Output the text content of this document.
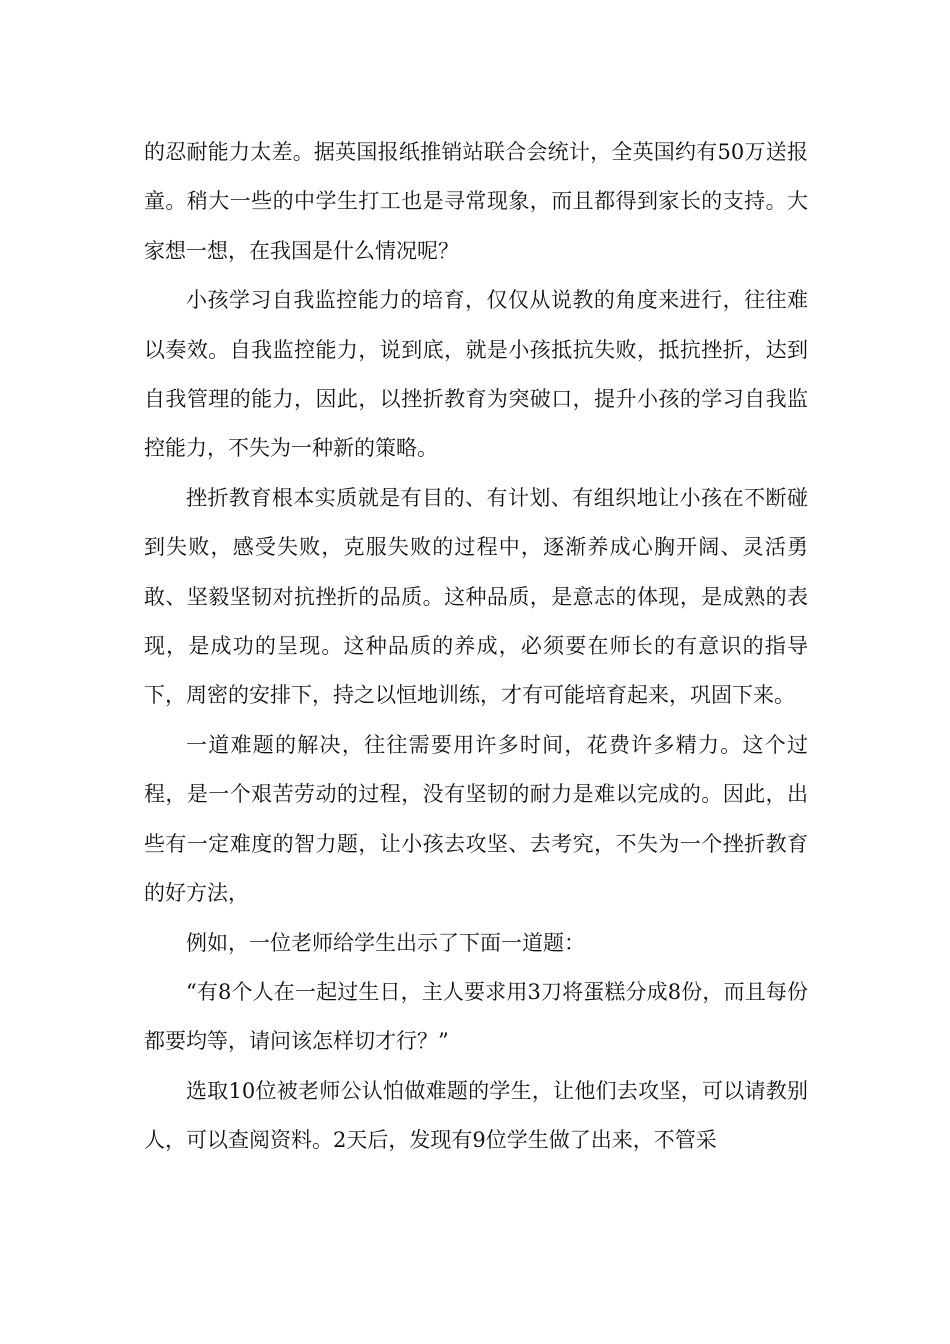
的忍耐能力太差。据英国报纸推销站联合会统计，全英国约有50万送报童。稍大一些的中学生打工也是寻常现象，而且都得到家长的支持。大家想一想，在我国是什么情况呢？

小孩学习自我监控能力的培育，仅仅从说教的角度来进行，往往难以奏效。自我监控能力，说到底，就是小孩抵抗失败，抵抗挫折，达到自我管理的能力，因此，以挫折教育为突破口，提升小孩的学习自我监控能力，不失为一种新的策略。

挫折教育根本实质就是有目的、有计划、有组织地让小孩在不断碰到失败，感受失败，克服失败的过程中，逐渐养成心胸开阔、灵活勇敢、坚毅坚韧对抗挫折的品质。这种品质，是意志的体现，是成熟的表现，是成功的呈现。这种品质的养成，必须要在师长的有意识的指导下，周密的安排下，持之以恒地训练，才有可能培育起来，巩固下来。

一道难题的解决，往往需要用许多时间，花费许多精力。这个过程，是一个艰苦劳动的过程，没有坚韧的耐力是难以完成的。因此，出些有一定难度的智力题，让小孩去攻坚、去考究，不失为一个挫折教育的好方法，

例如，一位老师给学生出示了下面一道题：

“有8个人在一起过生日，主人要求用3刀将蛋糕分成8份，而且每份都要均等，请问该怎样切才行？”

选取10位被老师公认怕做难题的学生，让他们去攻坚，可以请教别人，可以查阅资料。2天后，发现有9位学生做了出来，不管采
